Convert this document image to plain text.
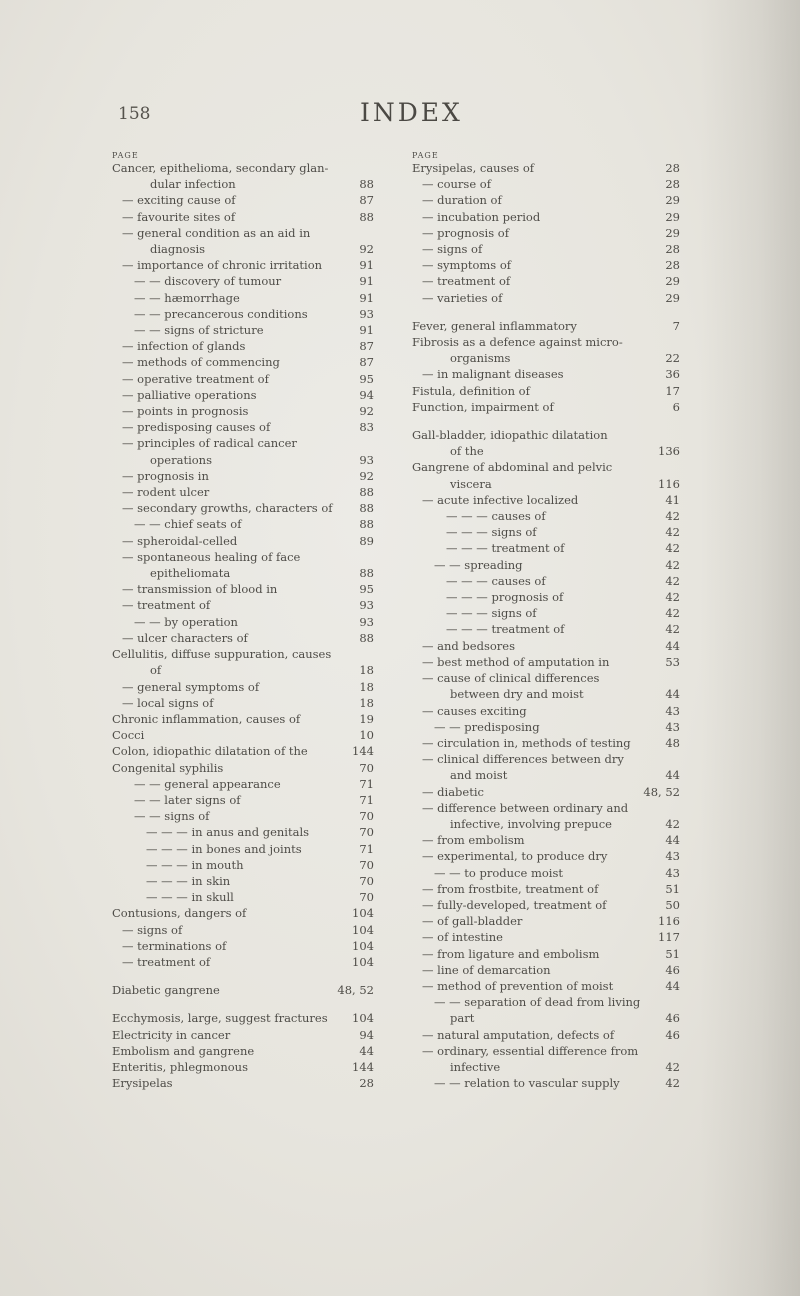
158	INDEX
PAGE
Cancer, epithelioma, secondary glan-
dular infection	88
— exciting cause of	87
— favourite sites of	88
— general condition as an aid in
diagnosis	92
— importance of chronic irritation	91
— — discovery of tumour	91
— — hæmorrhage	91
— — precancerous conditions	93
— — signs of stricture	91
— infection of glands	87
— methods of commencing	87
— operative treatment of	95
— palliative operations	94
— points in prognosis	92
— predisposing causes of	83
— principles of radical cancer
operations	93
— prognosis in	92
— rodent ulcer	88
— secondary growths, characters of	88
— — chief seats of	88
— spheroidal-celled	89
— spontaneous healing of face
epitheliomata	88
— transmission of blood in	95
— treatment of	93
— — by operation	93
— ulcer characters of	88
Cellulitis, diffuse suppuration, causes
of	18
— general symptoms of	18
— local signs of	18
Chronic inflammation, causes of	19
Cocci	10
Colon, idiopathic dilatation of the	144
Congenital syphilis	70
— — general appearance	71
— — later signs of	71
— — signs of	70
— — — in anus and genitals	70
— — — in bones and joints	71
— — — in mouth	70
— — — in skin	70
— — — in skull	70
Contusions, dangers of	104
— signs of	104
— terminations of	104
— treatment of	104
Diabetic gangrene	48, 52
Ecchymosis, large, suggest fractures	104
Electricity in cancer	94
Embolism and gangrene	44
Enteritis, phlegmonous	144
Erysipelas	28
PAGE
Erysipelas, causes of	28
— course of	28
— duration of	29
— incubation period	29
— prognosis of	29
— signs of	28
— symptoms of	28
— treatment of	29
— varieties of	29
Fever, general inflammatory	7
Fibrosis as a defence against micro-
organisms	22
— in malignant diseases	36
Fistula, definition of	17
Function, impairment of	6
Gall-bladder, idiopathic dilatation
of the	136
Gangrene of abdominal and pelvic
viscera	116
— acute infective localized	41
— — — causes of	42
— — — signs of	42
— — — treatment of	42
— — spreading	42
— — — causes of	42
— — — prognosis of	42
— — — signs of	42
— — — treatment of	42
— and bedsores	44
— best method of amputation in	53
— cause of clinical differences
between dry and moist	44
— causes exciting	43
— — predisposing	43
— circulation in, methods of testing	48
— clinical differences between dry
and moist	44
— diabetic	48, 52
— difference between ordinary and
infective, involving prepuce	42
— from embolism	44
— experimental, to produce dry	43
— — to produce moist	43
— from frostbite, treatment of	51
— fully-developed, treatment of	50
— of gall-bladder	116
— of intestine	117
— from ligature and embolism	51
— line of demarcation	46
— method of prevention of moist	44
— — separation of dead from living
part	46
— natural amputation, defects of	46
— ordinary, essential difference from
infective	42
— — relation to vascular supply	42
